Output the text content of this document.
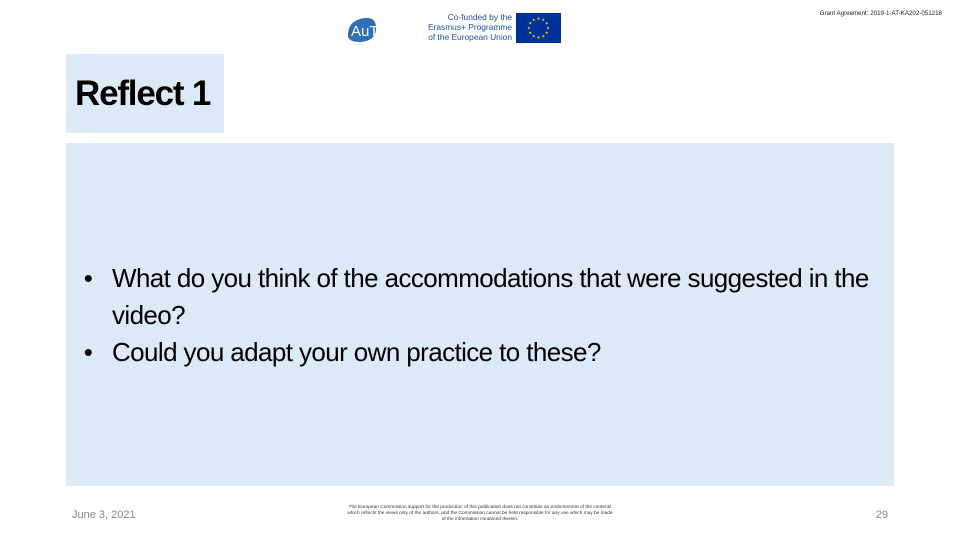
AuTrain
Co-funded by the
Erasmus+ Programme
of the European Union
Grant Agreement: 2019-1-AT-KA202-051218
Reflect 1
• What do you think of the accommodations that were suggested in the video?
• Could you adapt your own practice to these?
June 3, 2021
The European Commission support for the production of this publication does not constitute an endorsement of the contents
which reflects the views only of the authors, and the Commission cannot be held responsible for any use which may be made
of the information contained therein.	29
